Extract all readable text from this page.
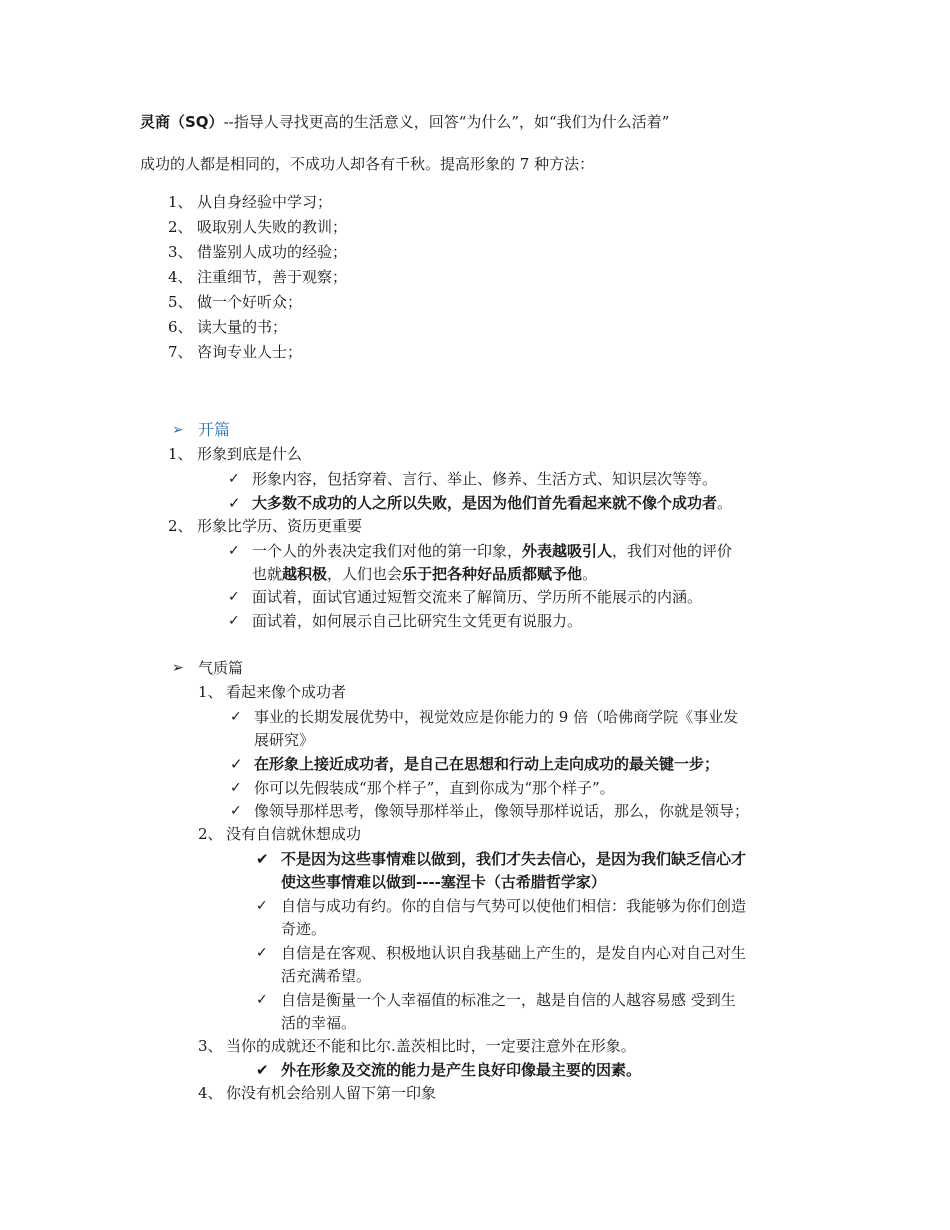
灵商（SQ）--指导人寻找更高的生活意义，回答“为什么”，如“我们为什么活着”
成功的人都是相同的，不成功人却各有千秋。提高形象的 7 种方法：
1、 从自身经验中学习；
2、 吸取别人失败的教训；
3、 借鉴别人成功的经验；
4、 注重细节，善于观察；
5、 做一个好听众；
6、 读大量的书；
7、 咨询专业人士；
➢ 开篇
1、 形象到底是什么
✓ 形象内容，包括穿着、言行、举止、修养、生活方式、知识层次等等。
✓ 大多数不成功的人之所以失败，是因为他们首先看起来就不像个成功者。
2、 形象比学历、资历更重要
✓ 一个人的外表决定我们对他的第一印象，外表越吸引人，我们对他的评价
也就越积极，人们也会乐于把各种好品质都赋予他。
✓ 面试着，面试官通过短暂交流来了解简历、学历所不能展示的内涵。
✓ 面试着，如何展示自己比研究生文凭更有说服力。
➢ 气质篇
1、 看起来像个成功者
✓ 事业的长期发展优势中，视觉效应是你能力的 9 倍（哈佛商学院《事业发
展研究》
✓ 在形象上接近成功者，是自己在思想和行动上走向成功的最关键一步；
✓ 你可以先假装成“那个样子”，直到你成为“那个样子”。
✓ 像领导那样思考，像领导那样举止，像领导那样说话，那么，你就是领导；
2、 没有自信就休想成功
✔ 不是因为这些事情难以做到，我们才失去信心，是因为我们缺乏信心才
使这些事情难以做到----塞涅卡（古希腊哲学家）
✓ 自信与成功有约。你的自信与气势可以使他们相信：我能够为你们创造
奇迹。
✓ 自信是在客观、积极地认识自我基础上产生的，是发自内心对自己对生
活充满希望。
✓ 自信是衡量一个人幸福值的标准之一，越是自信的人越容易感 受到生
活的幸福。
3、 当你的成就还不能和比尔.盖茨相比时，一定要注意外在形象。
✔ 外在形象及交流的能力是产生良好印像最主要的因素。
4、 你没有机会给别人留下第一印象
